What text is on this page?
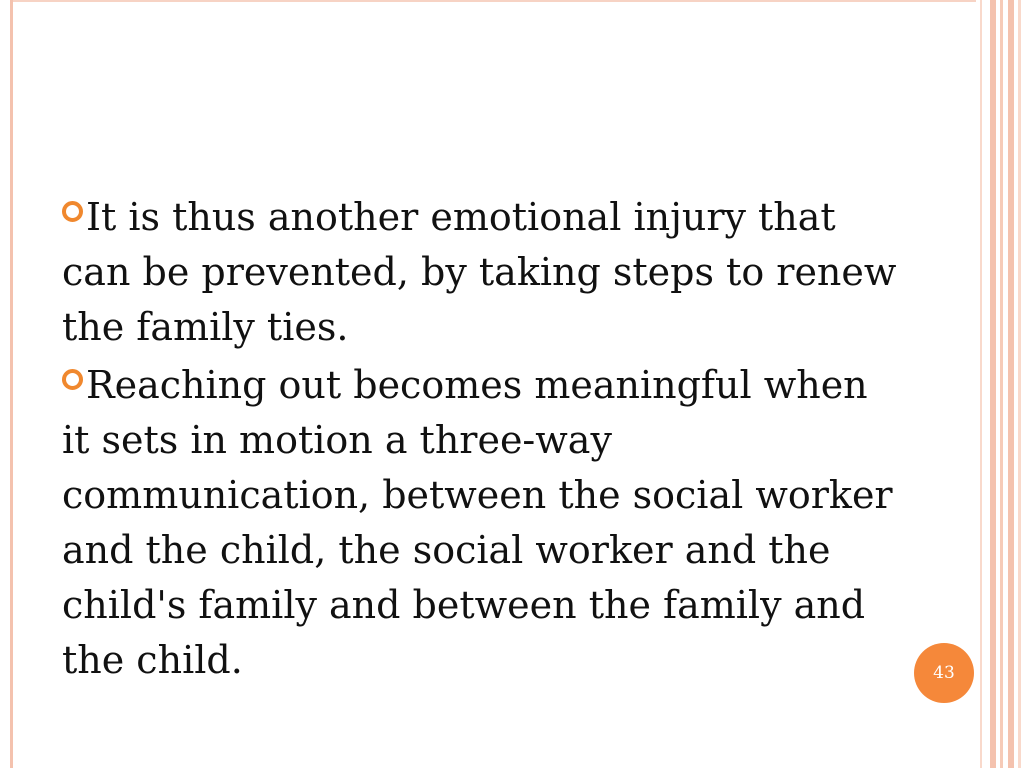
It is thus another emotional injury that can be prevented, by taking steps to renew the family ties.

Reaching out becomes meaningful when it sets in motion a three-way communication, between the social worker and the child, the social worker and the child's family and between the family and the child.	43
